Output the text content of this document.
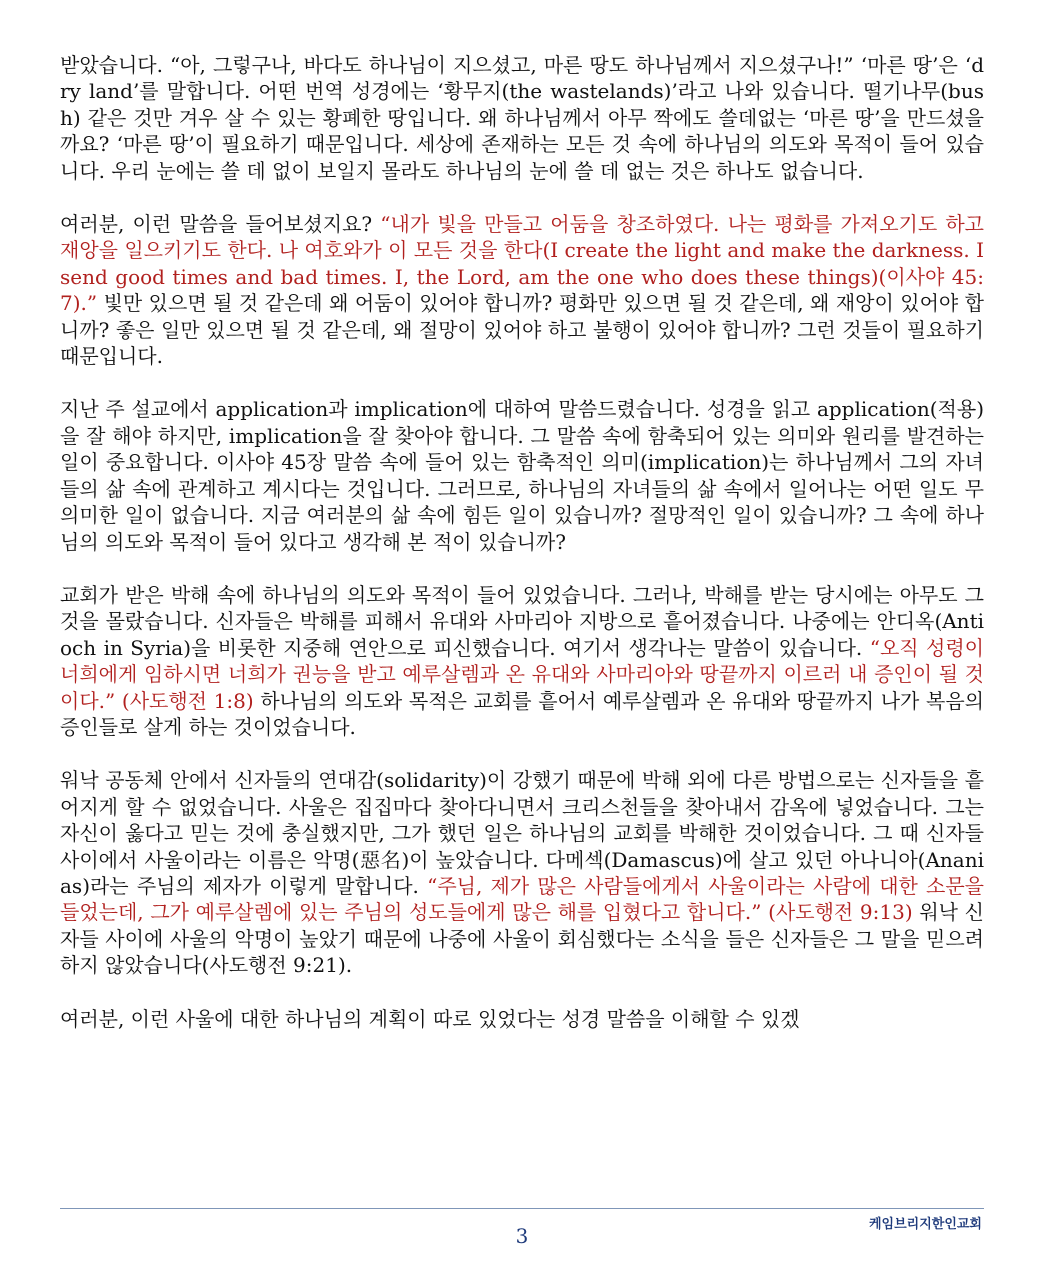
받았습니다. “아, 그렇구나, 바다도 하나님이 지으셨고, 마른 땅도 하나님께서 지으셨구나!” ‘마른 땅’은 ‘dry land’를 말합니다. 어떤 번역 성경에는 ‘황무지(the wastelands)’라고 나와 있습니다. 떨기나무(bush) 같은 것만 겨우 살 수 있는 황폐한 땅입니다. 왜 하나님께서 아무 짝에도 쓸데없는 ‘마른 땅’을 만드셨을까요? ‘마른 땅’이 필요하기 때문입니다. 세상에 존재하는 모든 것 속에 하나님의 의도와 목적이 들어 있습니다. 우리 눈에는 쓸 데 없이 보일지 몰라도 하나님의 눈에 쓸 데 없는 것은 하나도 없습니다.

여러분, 이런 말씀을 들어보셨지요? “내가 빛을 만들고 어둠을 창조하였다. 나는 평화를 가져오기도 하고 재앙을 일으키기도 한다. 나 여호와가 이 모든 것을 한다(I create the light and make the darkness. I send good times and bad times. I, the Lord, am the one who does these things)(이사야 45:7).” 빛만 있으면 될 것 같은데 왜 어둠이 있어야 합니까? 평화만 있으면 될 것 같은데, 왜 재앙이 있어야 합니까? 좋은 일만 있으면 될 것 같은데, 왜 절망이 있어야 하고 불행이 있어야 합니까? 그런 것들이 필요하기 때문입니다.

지난 주 설교에서 application과 implication에 대하여 말씀드렸습니다. 성경을 읽고 application(적용)을 잘 해야 하지만, implication을 잘 찾아야 합니다. 그 말씀 속에 함축되어 있는 의미와 원리를 발견하는 일이 중요합니다. 이사야 45장 말씀 속에 들어 있는 함축적인 의미(implication)는 하나님께서 그의 자녀들의 삶 속에 관계하고 계시다는 것입니다. 그러므로, 하나님의 자녀들의 삶 속에서 일어나는 어떤 일도 무의미한 일이 없습니다. 지금 여러분의 삶 속에 힘든 일이 있습니까? 절망적인 일이 있습니까? 그 속에 하나님의 의도와 목적이 들어 있다고 생각해 본 적이 있습니까?

교회가 받은 박해 속에 하나님의 의도와 목적이 들어 있었습니다. 그러나, 박해를 받는 당시에는 아무도 그것을 몰랐습니다. 신자들은 박해를 피해서 유대와 사마리아 지방으로 흩어졌습니다. 나중에는 안디옥(Antioch in Syria)을 비롯한 지중해 연안으로 피신했습니다. 여기서 생각나는 말씀이 있습니다. “오직 성령이 너희에게 임하시면 너희가 권능을 받고 예루살렘과 온 유대와 사마리아와 땅끝까지 이르러 내 증인이 될 것이다.” (사도행전 1:8) 하나님의 의도와 목적은 교회를 흩어서 예루살렘과 온 유대와 땅끝까지 나가 복음의 증인들로 살게 하는 것이었습니다.

워낙 공동체 안에서 신자들의 연대감(solidarity)이 강했기 때문에 박해 외에 다른 방법으로는 신자들을 흩어지게 할 수 없었습니다. 사울은 집집마다 찾아다니면서 크리스천들을 찾아내서 감옥에 넣었습니다. 그는 자신이 옳다고 믿는 것에 충실했지만, 그가 했던 일은 하나님의 교회를 박해한 것이었습니다. 그 때 신자들 사이에서 사울이라는 이름은 악명(惡名)이 높았습니다. 다메섹(Damascus)에 살고 있던 아나니아(Ananias)라는 주님의 제자가 이렇게 말합니다. “주님, 제가 많은 사람들에게서 사울이라는 사람에 대한 소문을 들었는데, 그가 예루살렘에 있는 주님의 성도들에게 많은 해를 입혔다고 합니다.” (사도행전 9:13) 워낙 신자들 사이에 사울의 악명이 높았기 때문에 나중에 사울이 회심했다는 소식을 들은 신자들은 그 말을 믿으려 하지 않았습니다(사도행전 9:21).

여러분, 이런 사울에 대한 하나님의 계획이 따로 있었다는 성경 말씀을 이해할 수 있겠

케임브리지한인교회
3
